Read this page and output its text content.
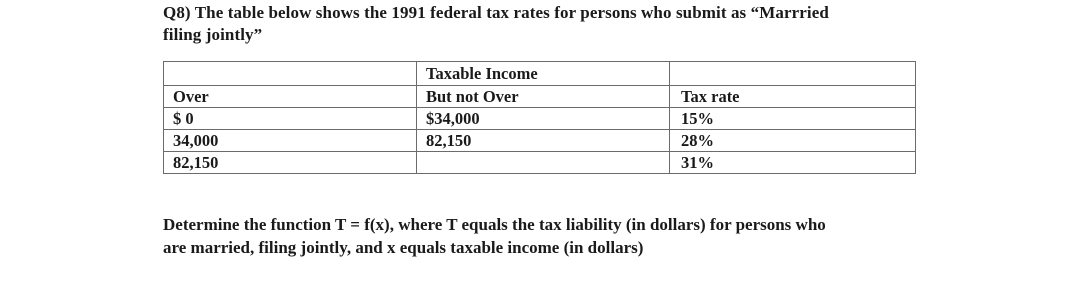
Q8) The table below shows the 1991 federal tax rates for persons who submit as “Marrried
filing jointly”
	Taxable Income	
Over	But not Over	Tax rate
$ 0	$34,000	15%
34,000	82,150	28%
82,150		31%
Determine the function T = f(x), where T equals the tax liability (in dollars) for persons who
are married, filing jointly, and x equals taxable income (in dollars)
